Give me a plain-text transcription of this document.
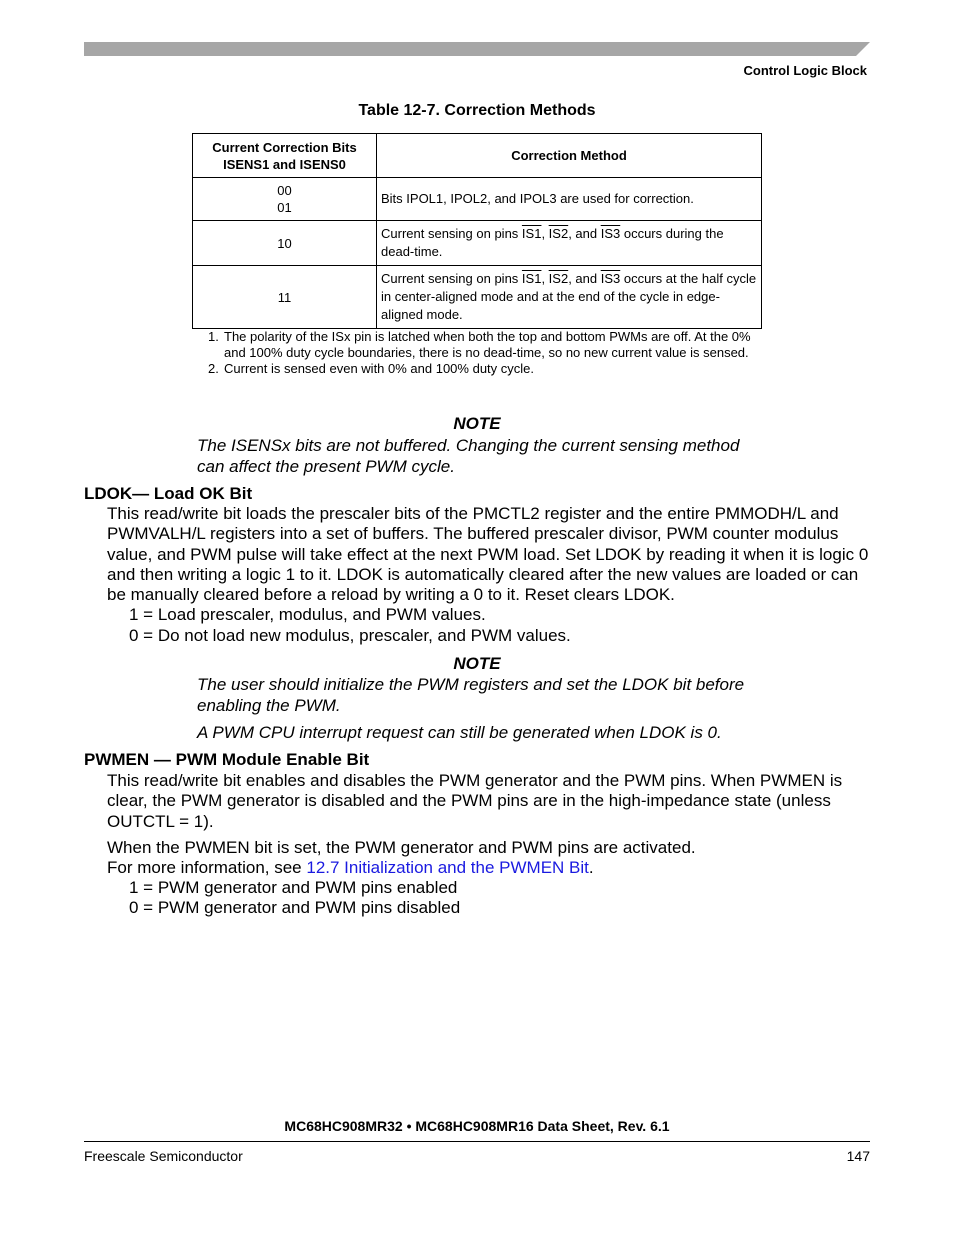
Control Logic Block
Table 12-7. Correction Methods
Current Correction Bits
ISENS1 and ISENS0	Correction Method
00
01	Bits IPOL1, IPOL2, and IPOL3 are used for correction.
10	Current sensing on pins IS1, IS2, and IS3 occurs during the dead-time.
11	Current sensing on pins IS1, IS2, and IS3 occurs at the half cycle in center-aligned mode and at the end of the cycle in edge-aligned mode.
1. The polarity of the $\overline{ISx}$ pin is latched when both the top and bottom PWMs are off. At the 0% and 100% duty cycle boundaries, there is no dead-time, so no new current value is sensed.
2. Current is sensed even with 0% and 100% duty cycle.
NOTE
The ISENSx bits are not buffered. Changing the current sensing method can affect the present PWM cycle.
LDOK— Load OK Bit
This read/write bit loads the prescaler bits of the PMCTL2 register and the entire PMMODH/L and PWMVALH/L registers into a set of buffers. The buffered prescaler divisor, PWM counter modulus value, and PWM pulse will take effect at the next PWM load. Set LDOK by reading it when it is logic 0 and then writing a logic 1 to it. LDOK is automatically cleared after the new values are loaded or can be manually cleared before a reload by writing a 0 to it. Reset clears LDOK.
1 = Load prescaler, modulus, and PWM values.
0 = Do not load new modulus, prescaler, and PWM values.
NOTE
The user should initialize the PWM registers and set the LDOK bit before enabling the PWM.
A PWM CPU interrupt request can still be generated when LDOK is 0.
PWMEN — PWM Module Enable Bit
This read/write bit enables and disables the PWM generator and the PWM pins. When PWMEN is clear, the PWM generator is disabled and the PWM pins are in the high-impedance state (unless OUTCTL = 1).
When the PWMEN bit is set, the PWM generator and PWM pins are activated.
For more information, see 12.7 Initialization and the PWMEN Bit.
1 = PWM generator and PWM pins enabled
0 = PWM generator and PWM pins disabled
MC68HC908MR32 • MC68HC908MR16 Data Sheet, Rev. 6.1
Freescale Semiconductor	147
